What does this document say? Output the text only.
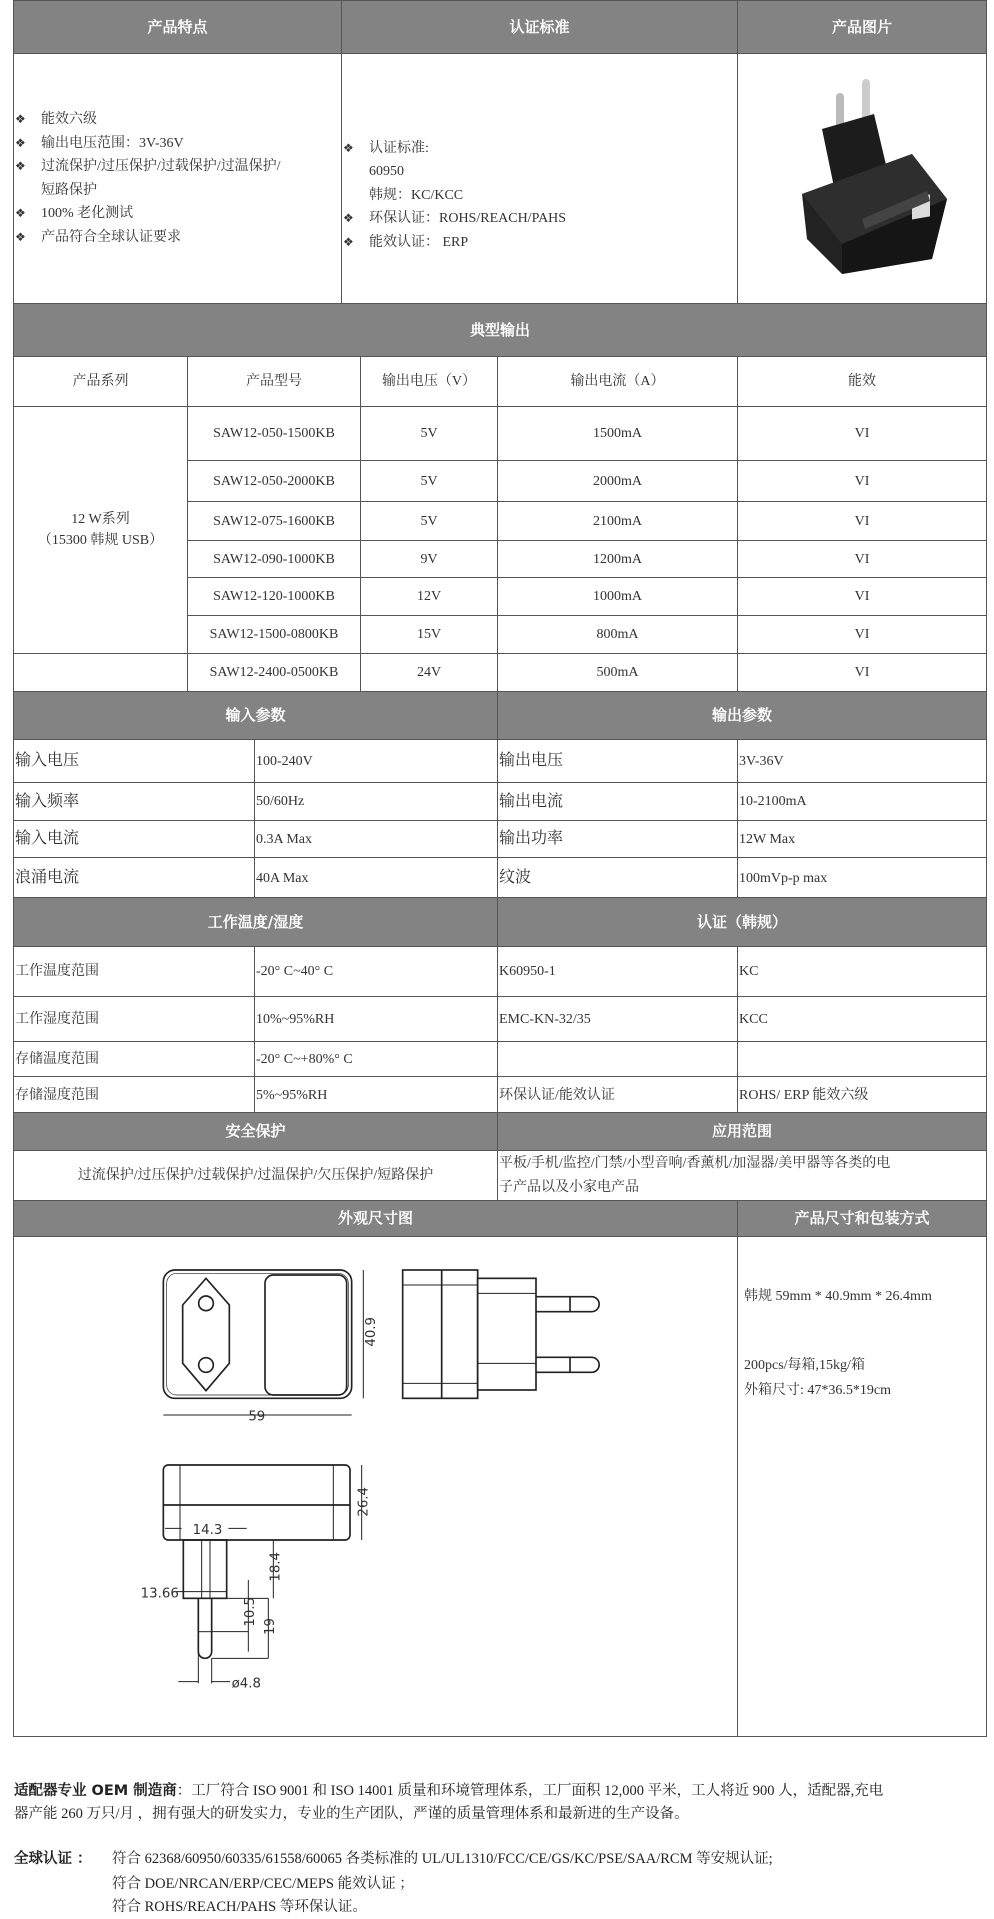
产品特点	认证标准	产品图片
❖ 能效六级
❖ 输出电压范围：3V-36V
❖ 过流保护/过压保护/过载保护/过温保护/
短路保护
❖ 100% 老化测试
❖ 产品符合全球认证要求
❖ 认证标准:
60950
韩规：KC/KCC
❖ 环保认证：ROHS/REACH/PAHS
❖ 能效认证： ERP
典型输出
产品系列	产品型号	输出电压（V）	输出电流（A）	能效
12 W系列
（15300 韩规 USB）
SAW12-050-1500KB	5V	1500mA	VI
SAW12-050-2000KB	5V	2000mA	VI
SAW12-075-1600KB	5V	2100mA	VI
SAW12-090-1000KB	9V	1200mA	VI
SAW12-120-1000KB	12V	1000mA	VI
SAW12-1500-0800KB	15V	800mA	VI
SAW12-2400-0500KB	24V	500mA	VI
输入参数	输出参数
输入电压	100-240V	输出电压	3V-36V
输入频率	50/60Hz	输出电流	10-2100mA
输入电流	0.3A Max	输出功率	12W Max
浪涌电流	40A Max	纹波	100mVp-p max
工作温度/湿度	认证（韩规）
工作温度范围	-20° C~40° C	K60950-1	KC
工作湿度范围	10%~95%RH	EMC-KN-32/35	KCC
存储温度范围	-20° C~+80%° C
存储湿度范围	5%~95%RH	环保认证/能效认证	ROHS/ ERP 能效六级
安全保护	应用范围
过流保护/过压保护/过载保护/过温保护/欠压保护/短路保护
平板/手机/监控/门禁/小型音响/香薰机/加湿器/美甲器等各类的电
子产品以及小家电产品
外观尺寸图	产品尺寸和包装方式
59
40.9
26.4
14.3
18.4
13.66
10.5 19
ø4.8
韩规 59mm * 40.9mm * 26.4mm
200pcs/每箱,15kg/箱
外箱尺寸: 47*36.5*19cm
适配器专业 OEM 制造商：工厂符合 ISO 9001 和 ISO 14001 质量和环境管理体系，工厂面积 12,000 平米，工人将近 900 人，适配器,充电
器产能 260 万只/月 ，拥有强大的研发实力，专业的生产团队，严谨的质量管理体系和最新进的生产设备。
全球认证 ： 符合 62368/60950/60335/61558/60065 各类标准的 UL/UL1310/FCC/CE/GS/KC/PSE/SAA/RCM 等安规认证;
符合 DOE/NRCAN/ERP/CEC/MEPS 能效认证 ；
符合 ROHS/REACH/PAHS 等环保认证。
